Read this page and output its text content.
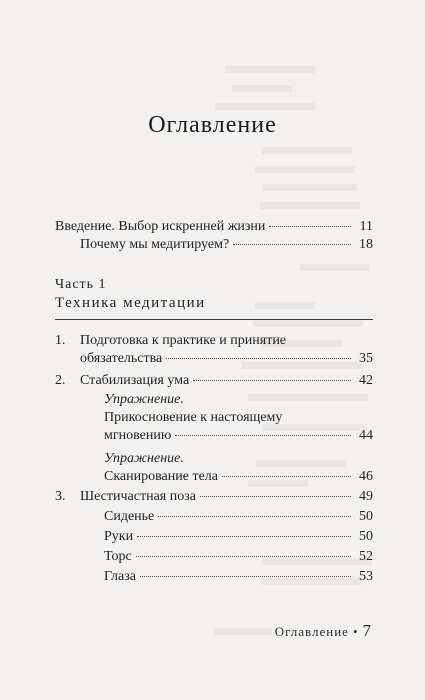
Оглавление
Введение. Выбор искренней жизни	11
Почему мы медитируем?	18
Часть 1
Техника медитации
1. Подготовка к практике и принятие
обязательства	35
2. Стабилизация ума	42
Упражнение.
Прикосновение к настоящему
мгновению	44
Упражнение.
Сканирование тела	46
3. Шестичастная поза	49
Сиденье	50
Руки	50
Торс	52
Глаза	53
Оглавление • 7
